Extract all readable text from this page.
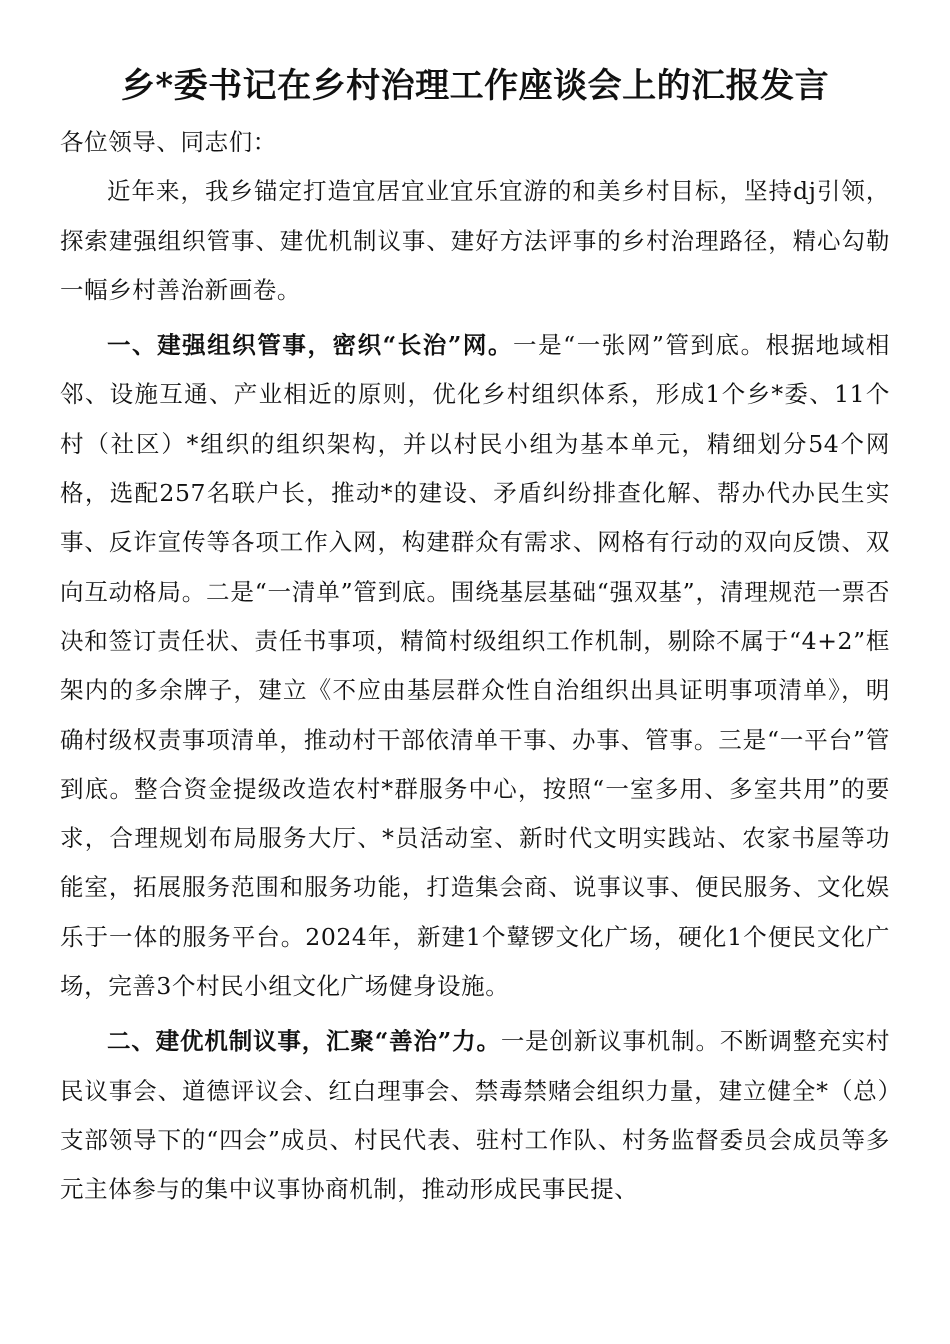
乡*委书记在乡村治理工作座谈会上的汇报发言

各位领导、同志们：

近年来，我乡锚定打造宜居宜业宜乐宜游的和美乡村目标，坚持dj引领，探索建强组织管事、建优机制议事、建好方法评事的乡村治理路径，精心勾勒一幅乡村善治新画卷。

一、建强组织管事，密织“长治”网。一是“一张网”管到底。根据地域相邻、设施互通、产业相近的原则，优化乡村组织体系，形成1个乡*委、11个村（社区）*组织的组织架构，并以村民小组为基本单元，精细划分54个网格，选配257名联户长，推动*的建设、矛盾纠纷排查化解、帮办代办民生实事、反诈宣传等各项工作入网，构建群众有需求、网格有行动的双向反馈、双向互动格局。二是“一清单”管到底。围绕基层基础“强双基”，清理规范一票否决和签订责任状、责任书事项，精简村级组织工作机制，剔除不属于“4+2”框架内的多余牌子，建立《不应由基层群众性自治组织出具证明事项清单》，明确村级权责事项清单，推动村干部依清单干事、办事、管事。三是“一平台”管到底。整合资金提级改造农村*群服务中心，按照“一室多用、多室共用”的要求，合理规划布局服务大厅、*员活动室、新时代文明实践站、农家书屋等功能室，拓展服务范围和服务功能，打造集会商、说事议事、便民服务、文化娱乐于一体的服务平台。2024年，新建1个鼙锣文化广场，硬化1个便民文化广场，完善3个村民小组文化广场健身设施。

二、建优机制议事，汇聚“善治”力。一是创新议事机制。不断调整充实村民议事会、道德评议会、红白理事会、禁毒禁赌会组织力量，建立健全*（总）支部领导下的“四会”成员、村民代表、驻村工作队、村务监督委员会成员等多元主体参与的集中议事协商机制，推动形成民事民提、
